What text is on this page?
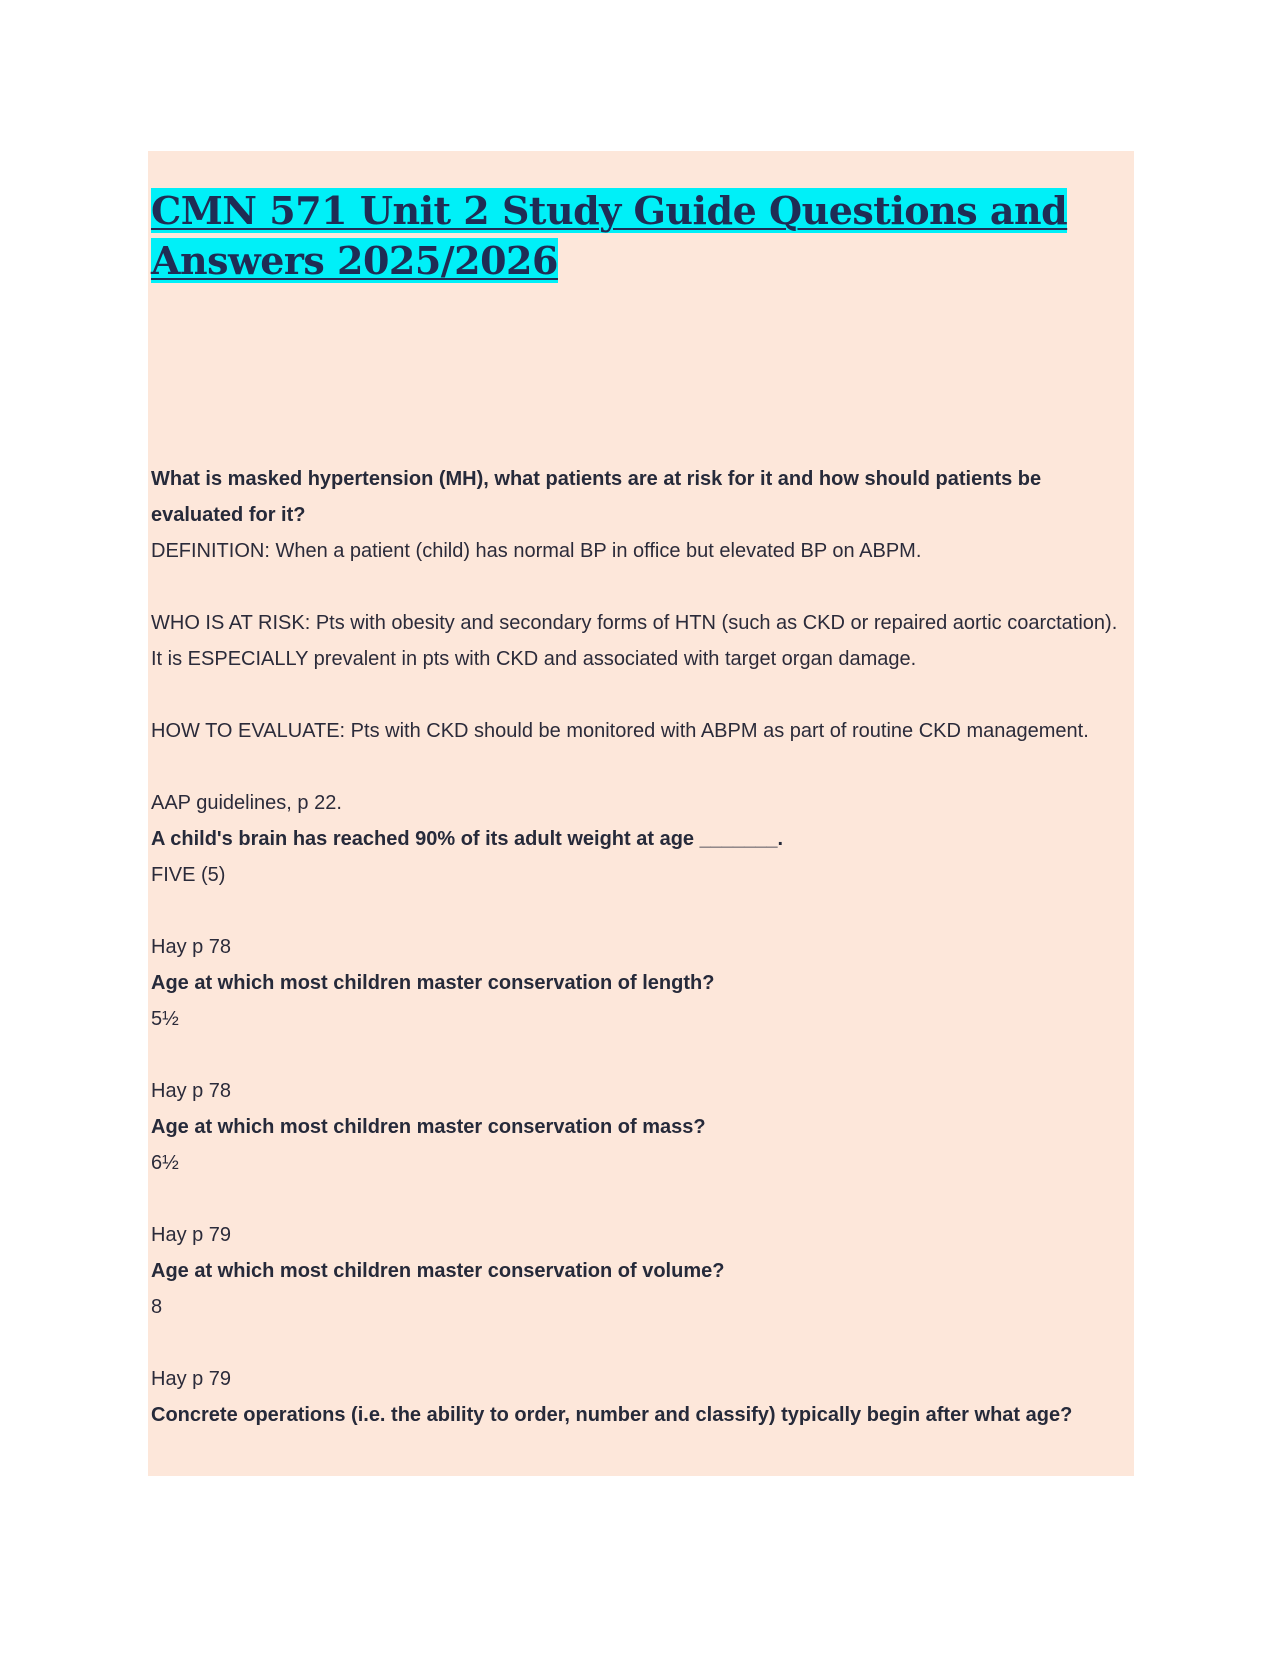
CMN 571 Unit 2 Study Guide Questions and Answers 2025/2026

What is masked hypertension (MH), what patients are at risk for it and how should patients be evaluated for it?

DEFINITION: When a patient (child) has normal BP in office but elevated BP on ABPM.

WHO IS AT RISK: Pts with obesity and secondary forms of HTN (such as CKD or repaired aortic coarctation). It is ESPECIALLY prevalent in pts with CKD and associated with target organ damage.

HOW TO EVALUATE: Pts with CKD should be monitored with ABPM as part of routine CKD management.

AAP guidelines, p 22.

A child's brain has reached 90% of its adult weight at age _______.

FIVE (5)

Hay p 78

Age at which most children master conservation of length?

5½

Hay p 78

Age at which most children master conservation of mass?

6½

Hay p 79

Age at which most children master conservation of volume?

8

Hay p 79

Concrete operations (i.e. the ability to order, number and classify) typically begin after what age?
